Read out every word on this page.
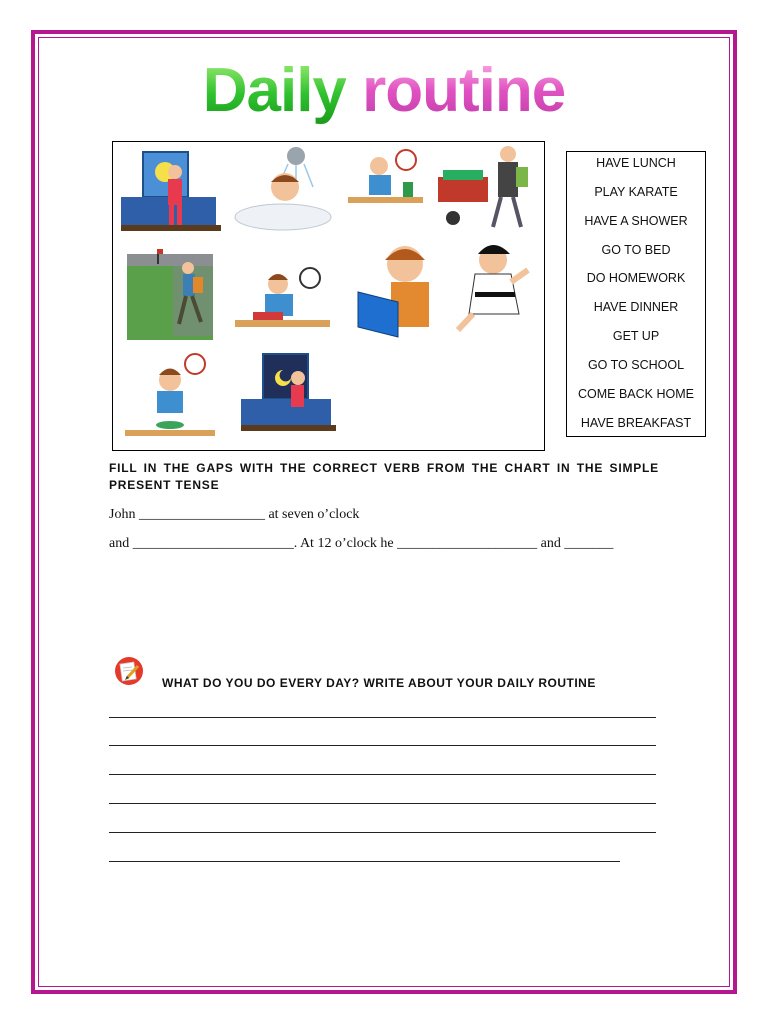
Daily routine
HAVE LUNCH
PLAY KARATE
HAVE A SHOWER
GO TO BED
DO HOMEWORK
HAVE DINNER
GET UP
GO TO SCHOOL
COME BACK HOME
HAVE BREAKFAST
FILL IN THE GAPS WITH THE CORRECT VERB FROM THE CHART IN THE SIMPLE PRESENT TENSE
John __________________ at seven o’clock
and _______________________. At 12 o’clock he ____________________ and _______
WHAT DO YOU DO EVERY DAY? WRITE ABOUT YOUR DAILY ROUTINE
